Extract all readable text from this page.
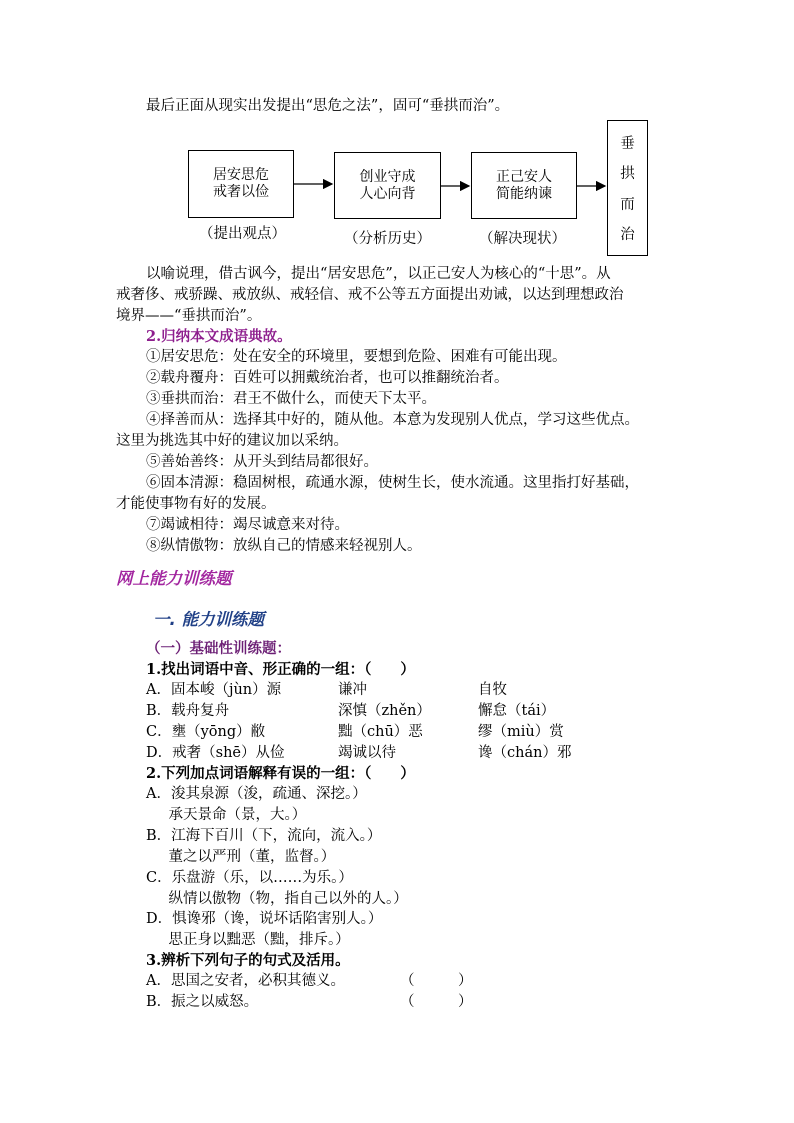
最后正面从现实出发提出“思危之法”，固可“垂拱而治”。
居安思危
戒奢以俭
创业守成
人心向背
正己安人
简能纳谏
垂
拱
而
治
（提出观点）	（分析历史）	（解决现状）
以喻说理，借古讽今，提出“居安思危”，以正己安人为核心的“十思”。从
戒奢侈、戒骄躁、戒放纵、戒轻信、戒不公等五方面提出劝诫，以达到理想政治
境界——“垂拱而治”。
2.归纳本文成语典故。
①居安思危：处在安全的环境里，要想到危险、困难有可能出现。
②载舟覆舟：百姓可以拥戴统治者，也可以推翻统治者。
③垂拱而治：君王不做什么，而使天下太平。
④择善而从：选择其中好的，随从他。本意为发现别人优点，学习这些优点。
这里为挑选其中好的建议加以采纳。
⑤善始善终：从开头到结局都很好。
⑥固本清源：稳固树根，疏通水源，使树生长，使水流通。这里指打好基础，
才能使事物有好的发展。
⑦竭诚相待：竭尽诚意来对待。
⑧纵情傲物：放纵自己的情感来轻视别人。
网上能力训练题
一. 能力训练题
（一）基础性训练题：
1.找出词语中音、形正确的一组：（　　）
A．固本峻（jùn）源	谦冲	自牧
B．载舟复舟	深慎（zhěn）	懈怠（tái）
C．壅（yōng）敝	黜（chū）恶	缪（miù）赏
D．戒奢（shē）从俭	竭诚以待	谗（chán）邪
2.下列加点词语解释有误的一组：（　　）
A．浚其泉源（浚，疏通、深挖。）
　承天景命（景，大。）
B．江海下百川（下，流向，流入。）
　董之以严刑（董，监督。）
C．乐盘游（乐，以……为乐。）
　纵情以傲物（物，指自己以外的人。）
D．惧谗邪（谗，说坏话陷害别人。）
　思正身以黜恶（黜，排斥。）
3.辨析下列句子的句式及活用。
A．思国之安者，必积其德义。	（　　　）
B．振之以威怒。	（　　　）
